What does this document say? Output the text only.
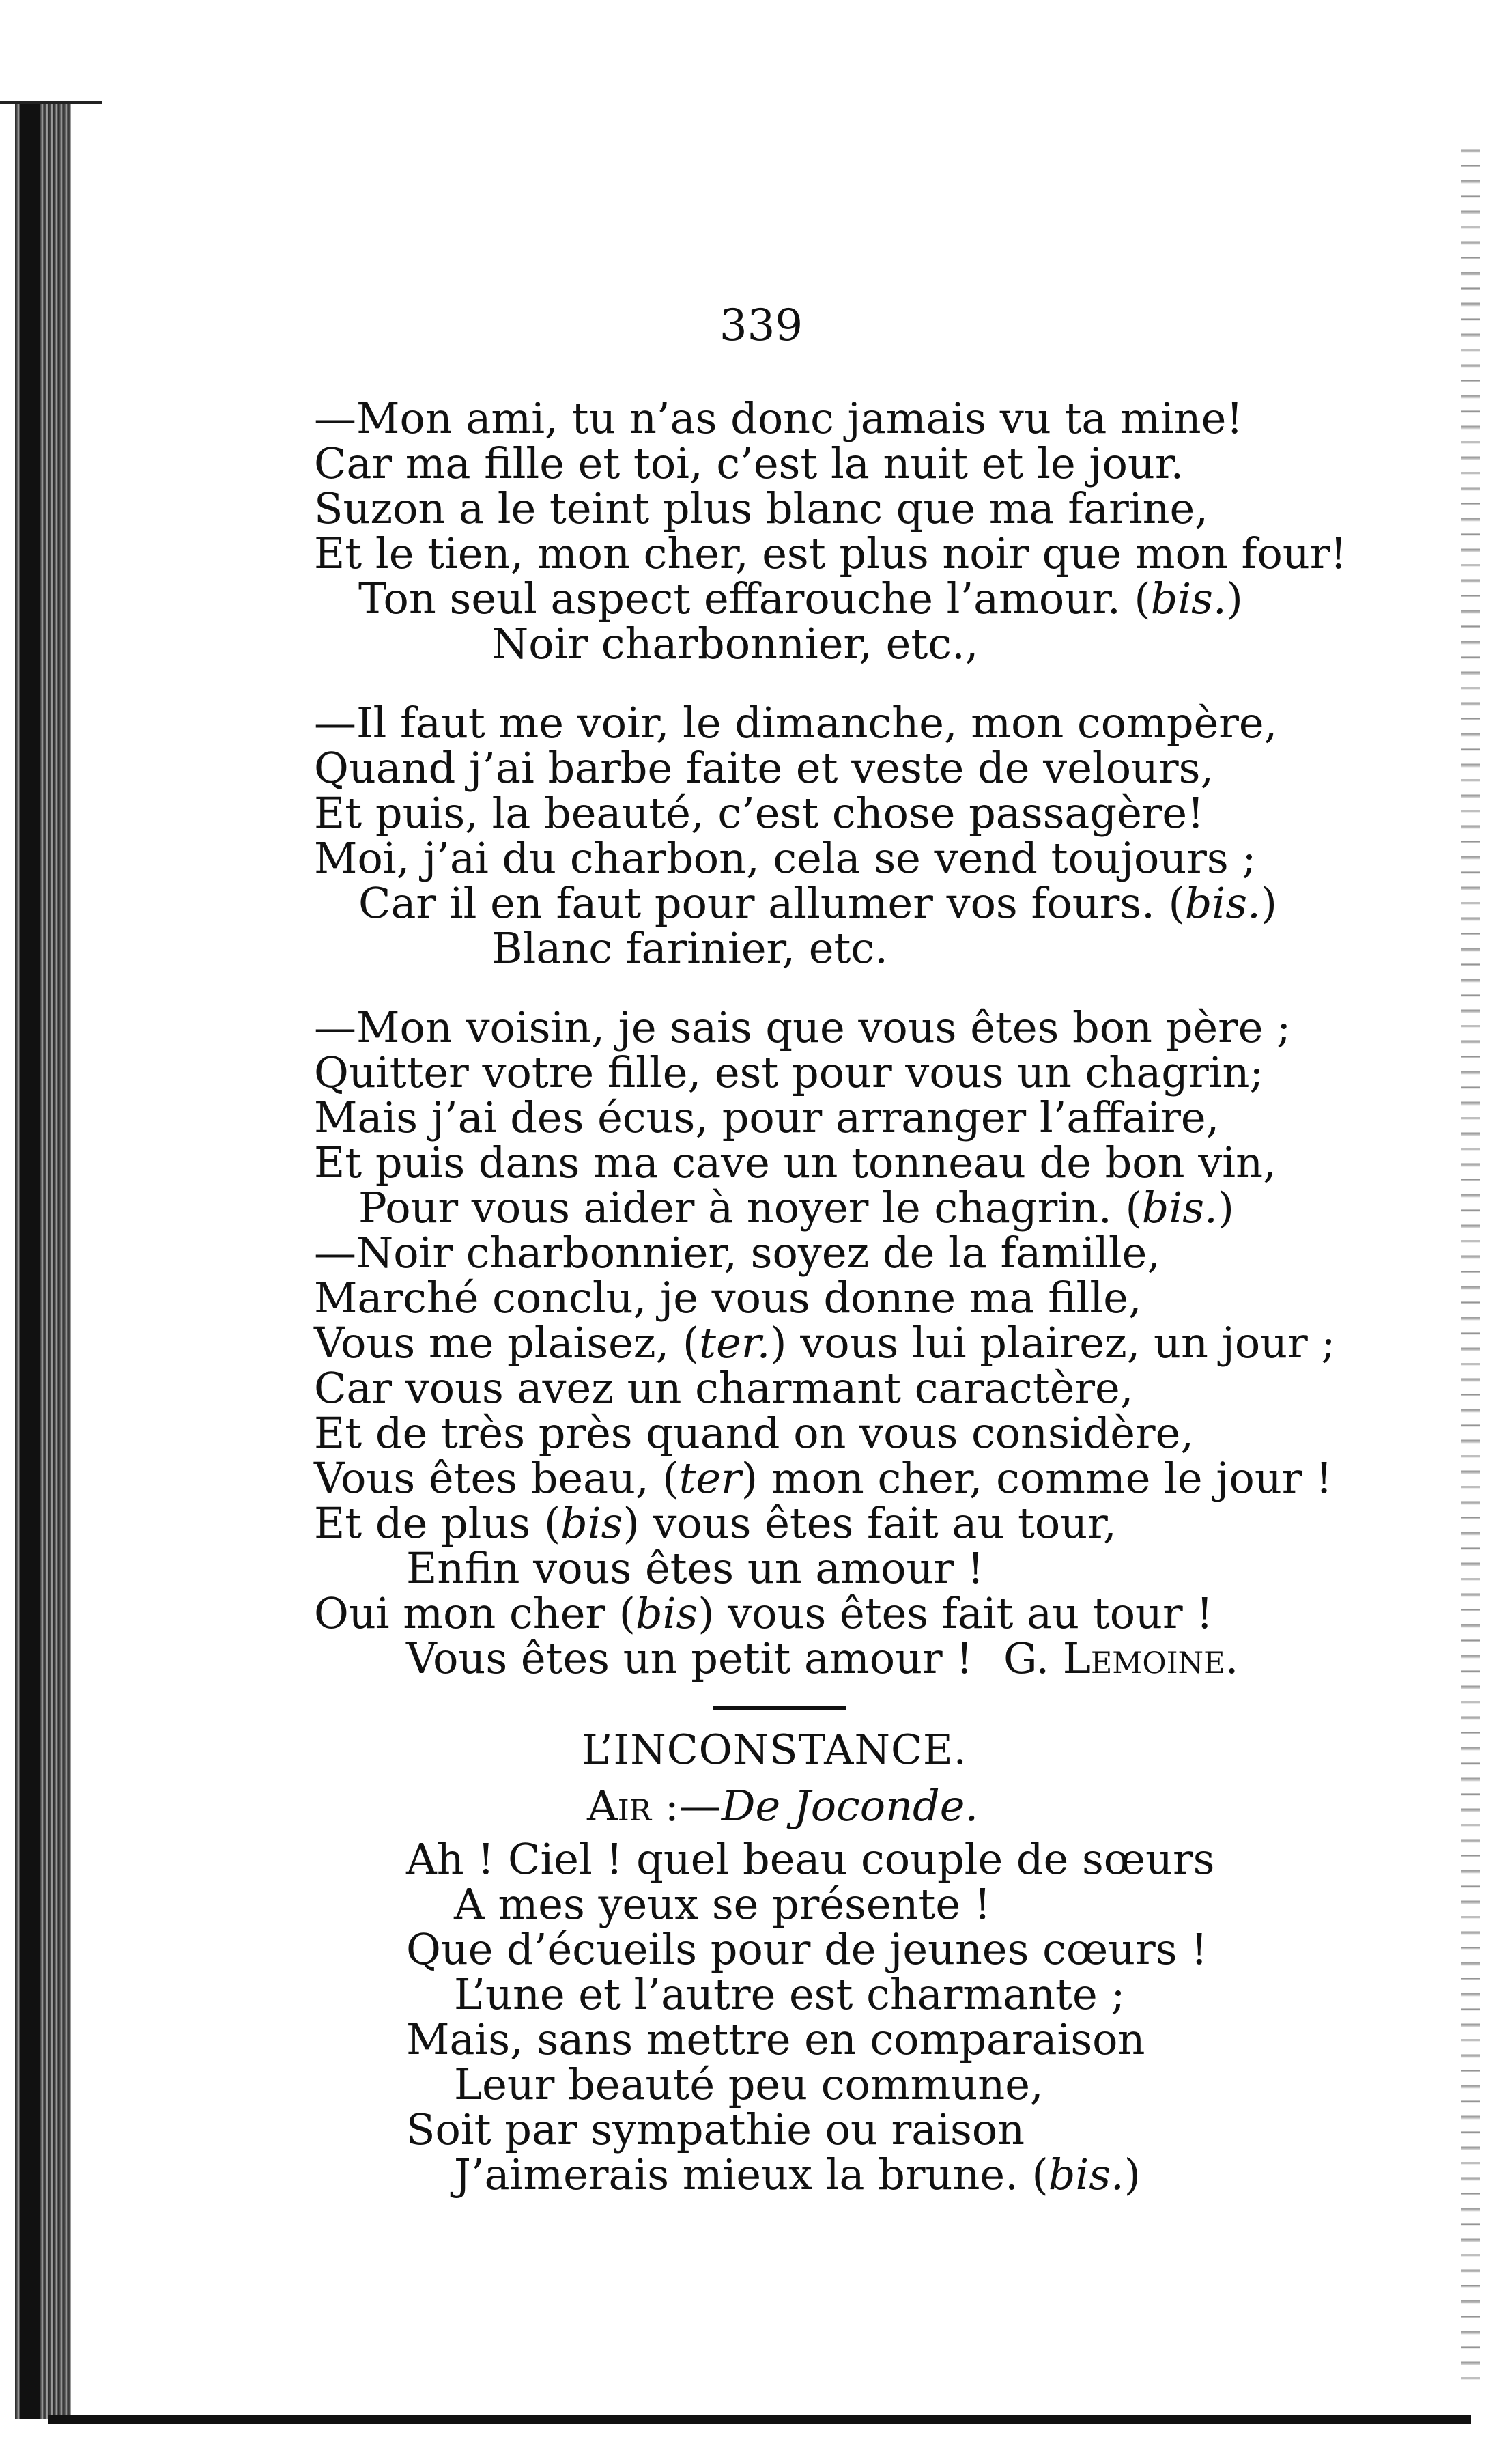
339
—Mon ami, tu n’as donc jamais vu ta mine!
Car ma fille et toi, c’est la nuit et le jour.
Suzon a le teint plus blanc que ma farine,
Et le tien, mon cher, est plus noir que mon four!
Ton seul aspect effarouche l’amour. (bis.)
Noir charbonnier, etc.,
—Il faut me voir, le dimanche, mon compère,
Quand j’ai barbe faite et veste de velours,
Et puis, la beauté, c’est chose passagère!
Moi, j’ai du charbon, cela se vend toujours ;
Car il en faut pour allumer vos fours. (bis.)
Blanc farinier, etc.
—Mon voisin, je sais que vous êtes bon père ;
Quitter votre fille, est pour vous un chagrin;
Mais j’ai des écus, pour arranger l’affaire,
Et puis dans ma cave un tonneau de bon vin,
Pour vous aider à noyer le chagrin. (bis.)
—Noir charbonnier, soyez de la famille,
Marché conclu, je vous donne ma fille,
Vous me plaisez, (ter.) vous lui plairez, un jour ;
Car vous avez un charmant caractère,
Et de très près quand on vous considère,
Vous êtes beau, (ter) mon cher, comme le jour !
Et de plus (bis) vous êtes fait au tour,
Enfin vous êtes un amour !
Oui mon cher (bis) vous êtes fait au tour !
Vous êtes un petit amour ! G. Lemoine.
L’INCONSTANCE.
Air :—De Joconde.
Ah ! Ciel ! quel beau couple de sœurs
A mes yeux se présente !
Que d’écueils pour de jeunes cœurs !
L’une et l’autre est charmante ;
Mais, sans mettre en comparaison
Leur beauté peu commune,
Soit par sympathie ou raison
J’aimerais mieux la brune. (bis.)
